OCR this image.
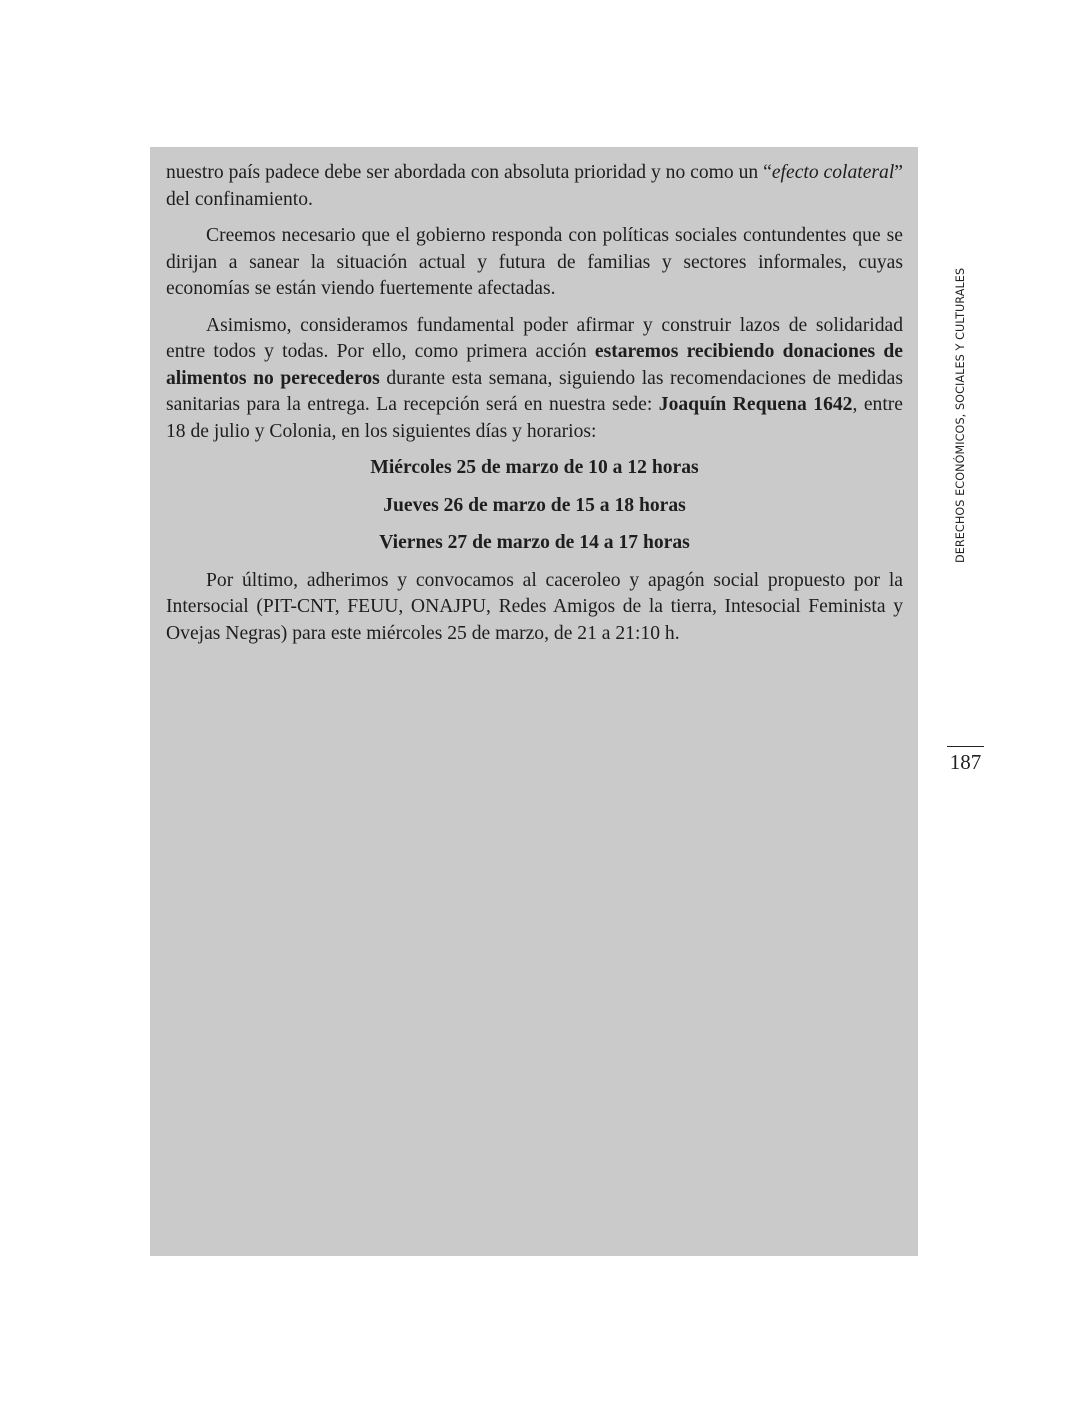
nuestro país padece debe ser abordada con absoluta prioridad y no como un “efecto colateral” del confinamiento.

Creemos necesario que el gobierno responda con políticas sociales contundentes que se dirijan a sanear la situación actual y futura de familias y sectores informales, cuyas economías se están viendo fuertemente afectadas.

Asimismo, consideramos fundamental poder afirmar y construir lazos de solidaridad entre todos y todas. Por ello, como primera acción estaremos recibiendo donaciones de alimentos no perecederos durante esta semana, siguiendo las recomendaciones de medidas sanitarias para la entrega. La recepción será en nuestra sede: Joaquín Requena 1642, entre 18 de julio y Colonia, en los siguientes días y horarios:

Miércoles 25 de marzo de 10 a 12 horas

Jueves 26 de marzo de 15 a 18 horas

Viernes 27 de marzo de 14 a 17 horas

Por último, adherimos y convocamos al caceroleo y apagón social propuesto por la Intersocial (PIT-CNT, FEUU, ONAJPU, Redes Amigos de la tierra, Intesocial Feminista y Ovejas Negras) para este miércoles 25 de marzo, de 21 a 21:10 h.

DERECHOS ECONÓMICOS, SOCIALES Y CULTURALES
187
